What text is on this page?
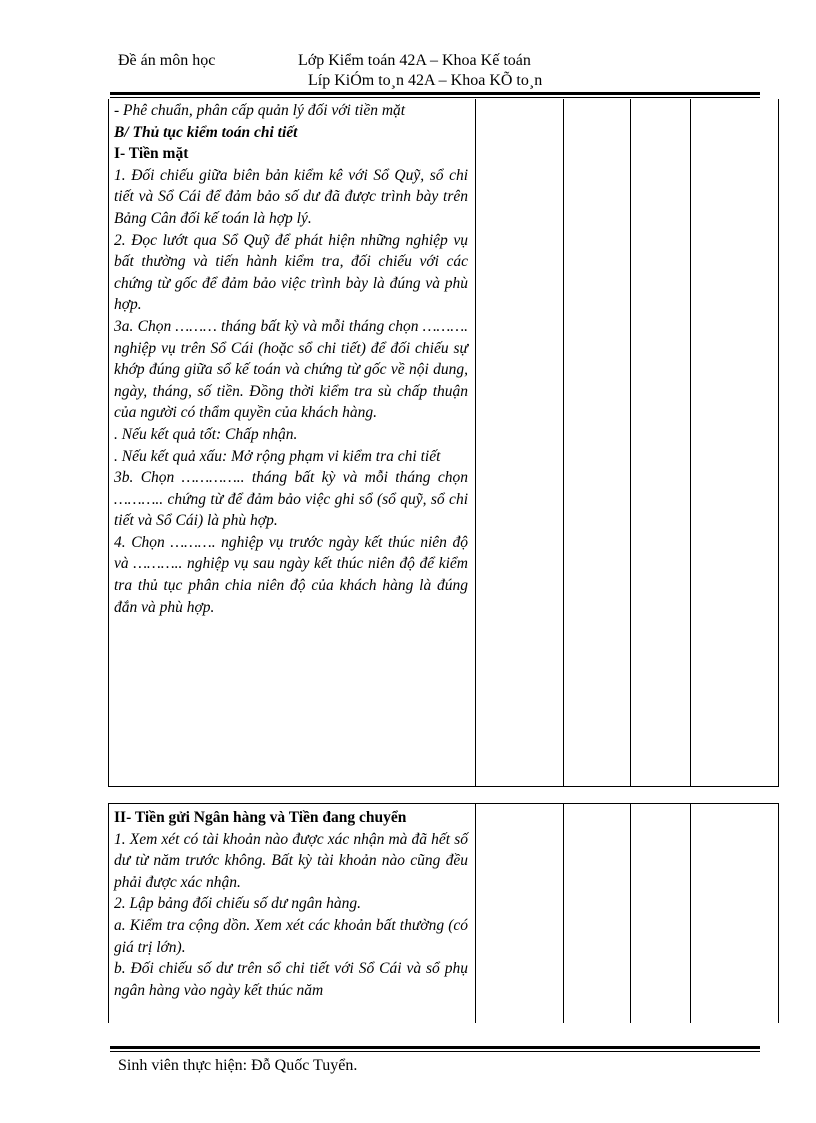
Đề án môn học	Lớp Kiểm toán 42A – Khoa Kế toán
Líp KiÓm to¸n 42A – Khoa KÕ to¸n

- Phê chuẩn, phân cấp quản lý đối với tiền mặt

B/ Thủ tục kiểm toán chi tiết

I- Tiền mặt

1. Đối chiếu giữa biên bản kiểm kê với Sổ Quỹ, sổ chi tiết và Sổ Cái để đảm bảo số dư đã được trình bày trên Bảng Cân đối kế toán là hợp lý.

2. Đọc lướt qua Sổ Quỹ để phát hiện những nghiệp vụ bất thường và tiến hành kiểm tra, đối chiếu với các chứng từ gốc để đảm bảo việc trình bày là đúng và phù hợp.

3a. Chọn ……… tháng bất kỳ và mỗi tháng chọn ………. nghiệp vụ trên Sổ Cái (hoặc sổ chi tiết) để đối chiếu sự khớp đúng giữa sổ kế toán và chứng từ gốc về nội dung, ngày, tháng, số tiền. Đồng thời kiểm tra sù chấp thuận của người có thẩm quyền của khách hàng.

. Nếu kết quả tốt: Chấp nhận.

. Nếu kết quả xấu: Mở rộng phạm vi kiểm tra chi tiết

3b. Chọn ………….. tháng bất kỳ và mỗi tháng chọn ……….. chứng từ để đảm bảo việc ghi sổ (sổ quỹ, sổ chi tiết và Sổ Cái) là phù hợp.

4. Chọn ………. nghiệp vụ trước ngày kết thúc niên độ và ……….. nghiệp vụ sau ngày kết thúc niên độ để kiểm tra thủ tục phân chia niên độ của khách hàng là đúng đắn và phù hợp.

II- Tiền gửi Ngân hàng và Tiền đang chuyển

1. Xem xét có tài khoản nào được xác nhận mà đã hết số dư từ năm trước không. Bất kỳ tài khoản nào cũng đều phải được xác nhận.

2. Lập bảng đối chiếu số dư ngân hàng.

a. Kiểm tra cộng dồn. Xem xét các khoản bất thường (có giá trị lớn).

b. Đối chiếu số dư trên sổ chi tiết với Sổ Cái và sổ phụ ngân hàng vào ngày kết thúc năm

Sinh viên thực hiện: Đỗ Quốc Tuyển.
